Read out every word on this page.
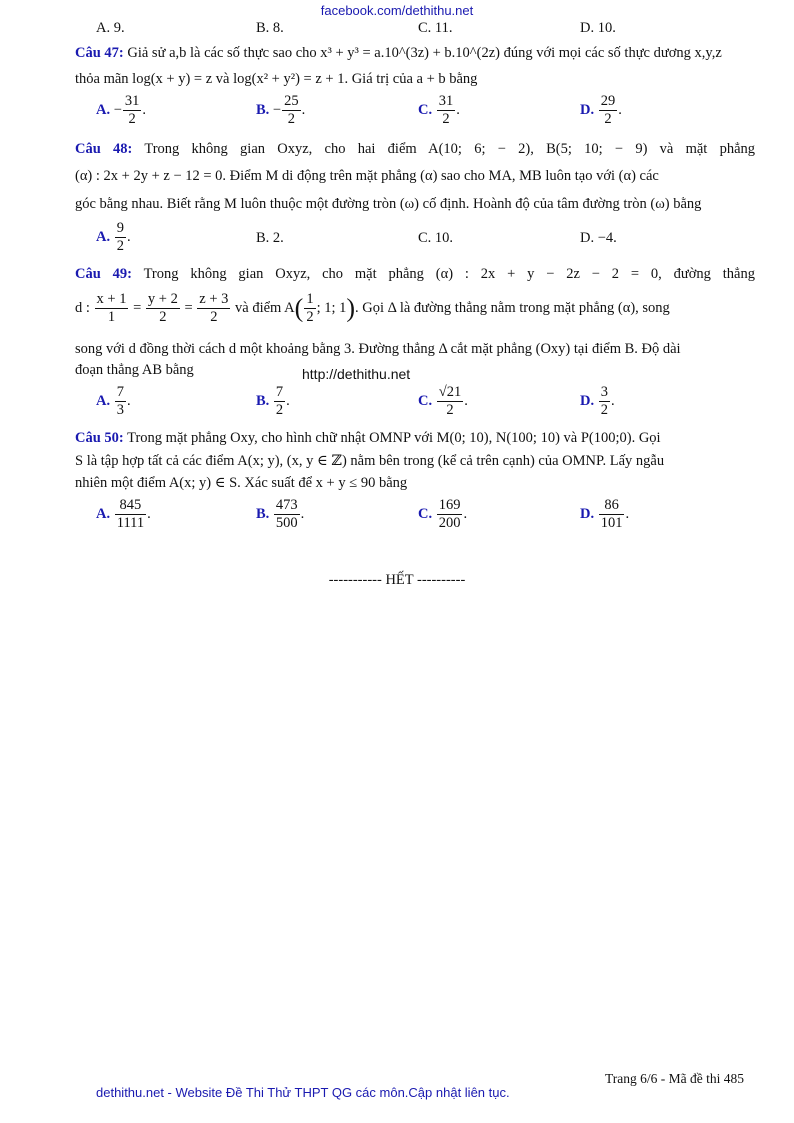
facebook.com/dethithu.net
A. 9.	B. 8.	C. 11.	D. 10.
Câu 47: Giả sử a,b là các số thực sao cho x³ + y³ = a.10^(3z) + b.10^(2z) đúng với mọi các số thực dương x,y,z
thỏa mãn log(x + y) = z và log(x² + y²) = z + 1. Giá trị của a + b bằng
A. − $\frac{31}{2}$ .	B. − $\frac{25}{2}$ .	C. $\frac{31}{2}$ .	D. $\frac{29}{2}$ .
Câu 48: Trong không gian Oxyz, cho hai điểm A(10; 6; − 2), B(5; 10; − 9) và mặt phẳng
(α) : 2x + 2y + z − 12 = 0. Điểm M di động trên mặt phẳng (α) sao cho MA, MB luôn tạo với (α) các
góc bằng nhau. Biết rằng M luôn thuộc một đường tròn (ω) cố định. Hoành độ của tâm đường tròn (ω) bằng
A. $\frac{9}{2}$ .	B. 2.	C. 10.	D. −4.
Câu 49: Trong không gian Oxyz, cho mặt phẳng (α) : 2x + y − 2z − 2 = 0, đường thẳng
d : $\frac{x + 1}{1} = \frac{y + 2}{2} = \frac{z + 3}{2}$ và điểm $A( \frac{1}{2}$ ; 1; 1). Gọi Δ là đường thẳng nằm trong mặt phẳng (α), song
song với d đồng thời cách d một khoảng bằng 3. Đường thẳng Δ cắt mặt phẳng (Oxy) tại điểm B. Độ dài
đoạn thẳng AB bằng	http://dethithu.net
A. $\frac{7}{3}$ .	B. $\frac{7}{2}$ .	C. $\frac{√21}{2}$ .	D. $\frac{3}{2}$ .
Câu 50: Trong mặt phẳng Oxy, cho hình chữ nhật OMNP với M(0; 10), N(100; 10) và P(100;0). Gọi
S là tập hợp tất cả các điểm A(x; y), (x, y ∈ ℤ) nằm bên trong (kể cả trên cạnh) của OMNP. Lấy ngẫu
nhiên một điểm A(x; y) ∈ S. Xác suất để x + y ≤ 90 bằng
A. $\frac{845}{1111}$ .	B. $\frac{473}{500}$ .	C. $\frac{169}{200}$ .	D. $\frac{86}{101}$ .
----------- HẾT ----------
Trang 6/6 - Mã đề thi 485
dethithu.net - Website Đề Thi Thử THPT QG các môn.Cập nhật liên tục.
